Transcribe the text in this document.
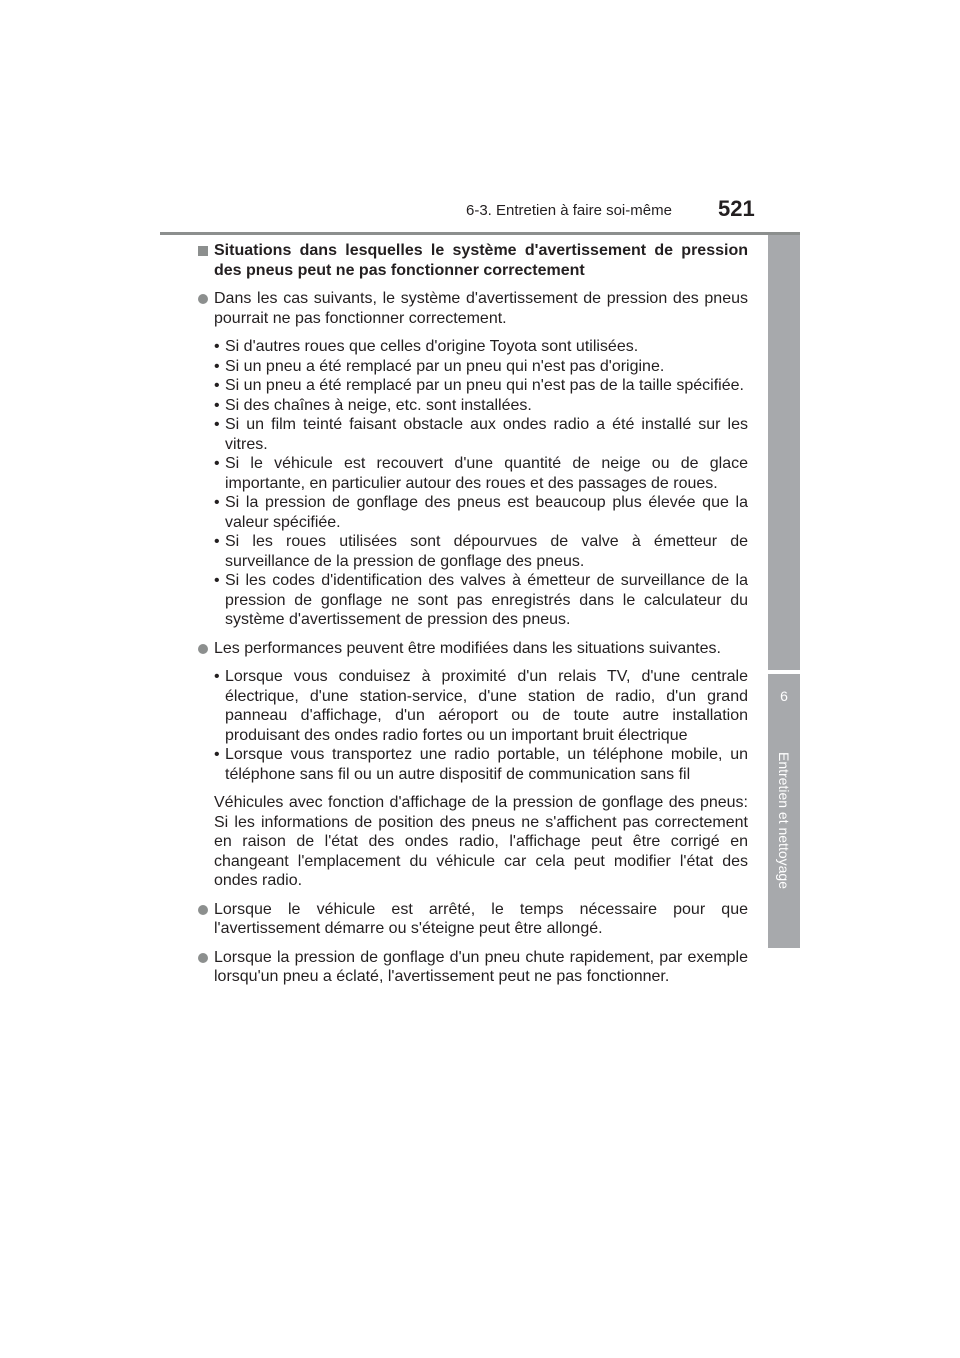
6-3. Entretien à faire soi-même 521
6
Entretien et nettoyage
Situations dans lesquelles le système d'avertissement de pression des pneus peut ne pas fonctionner correctement
Dans les cas suivants, le système d'avertissement de pression des pneus pourrait ne pas fonctionner correctement.
• Si d'autres roues que celles d'origine Toyota sont utilisées.
• Si un pneu a été remplacé par un pneu qui n'est pas d'origine.
• Si un pneu a été remplacé par un pneu qui n'est pas de la taille spécifiée.
• Si des chaînes à neige, etc. sont installées.
• Si un film teinté faisant obstacle aux ondes radio a été installé sur les vitres.
• Si le véhicule est recouvert d'une quantité de neige ou de glace importante, en particulier autour des roues et des passages de roues.
• Si la pression de gonflage des pneus est beaucoup plus élevée que la valeur spécifiée.
• Si les roues utilisées sont dépourvues de valve à émetteur de surveillance de la pression de gonflage des pneus.
• Si les codes d'identification des valves à émetteur de surveillance de la pression de gonflage ne sont pas enregistrés dans le calculateur du système d'avertissement de pression des pneus.
Les performances peuvent être modifiées dans les situations suivantes.
• Lorsque vous conduisez à proximité d'un relais TV, d'une centrale électrique, d'une station-service, d'une station de radio, d'un grand panneau d'affichage, d'un aéroport ou de toute autre installation produisant des ondes radio fortes ou un important bruit électrique
• Lorsque vous transportez une radio portable, un téléphone mobile, un téléphone sans fil ou un autre dispositif de communication sans fil
Véhicules avec fonction d'affichage de la pression de gonflage des pneus: Si les informations de position des pneus ne s'affichent pas correctement en raison de l'état des ondes radio, l'affichage peut être corrigé en changeant l'emplacement du véhicule car cela peut modifier l'état des ondes radio.
Lorsque le véhicule est arrêté, le temps nécessaire pour que l'avertissement démarre ou s'éteigne peut être allongé.
Lorsque la pression de gonflage d'un pneu chute rapidement, par exemple lorsqu'un pneu a éclaté, l'avertissement peut ne pas fonctionner.
